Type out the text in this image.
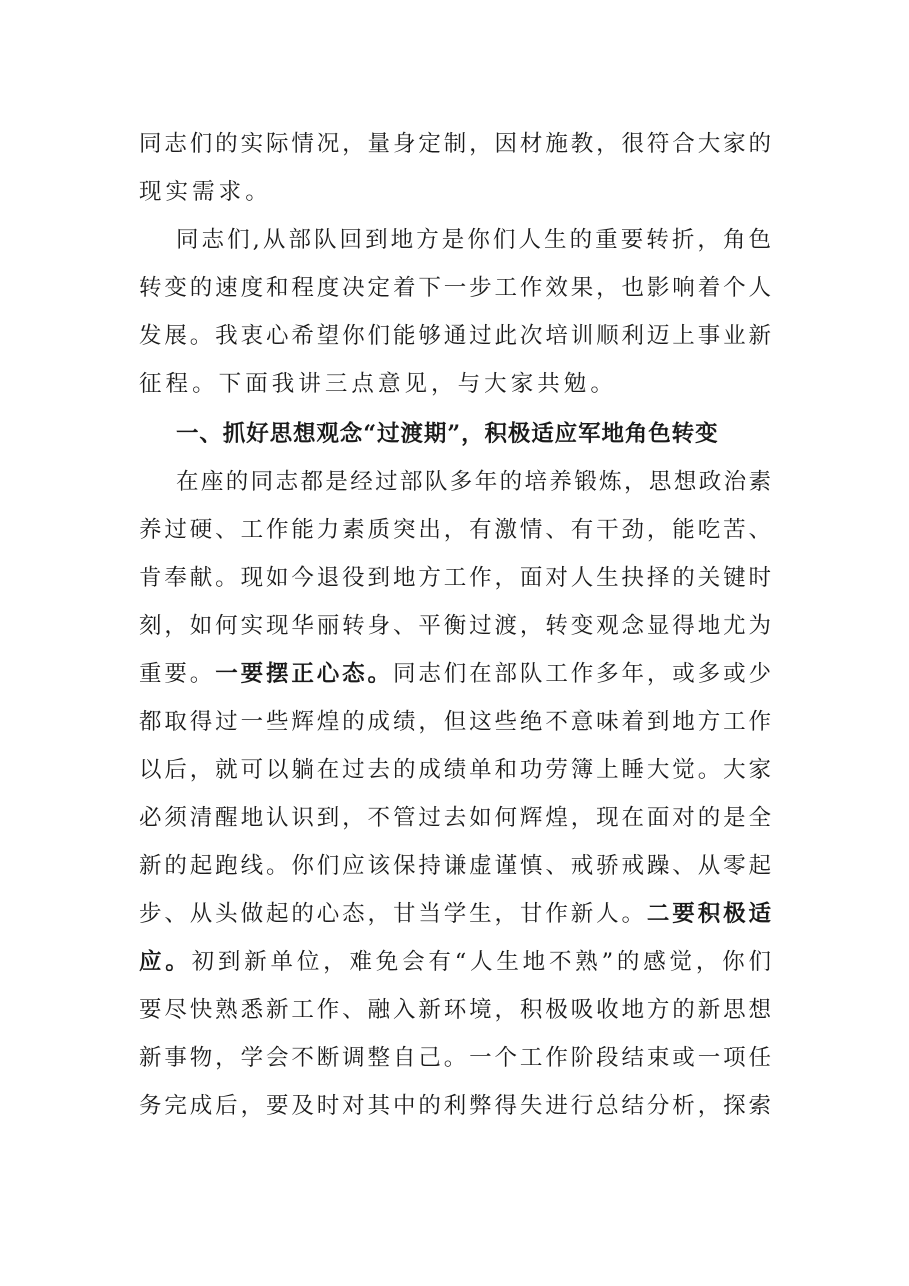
同志们的实际情况，量身定制，因材施教，很符合大家的
现实需求。
同志们,从部队回到地方是你们人生的重要转折，角色
转变的速度和程度决定着下一步工作效果，也影响着个人
发展。我衷心希望你们能够通过此次培训顺利迈上事业新
征程。下面我讲三点意见，与大家共勉。
一、抓好思想观念“过渡期”，积极适应军地角色转变
在座的同志都是经过部队多年的培养锻炼，思想政治素
养过硬、工作能力素质突出，有激情、有干劲，能吃苦、
肯奉献。现如今退役到地方工作，面对人生抉择的关键时
刻，如何实现华丽转身、平衡过渡，转变观念显得地尤为
重要。一要摆正心态。同志们在部队工作多年，或多或少
都取得过一些辉煌的成绩，但这些绝不意味着到地方工作
以后，就可以躺在过去的成绩单和功劳簿上睡大觉。大家
必须清醒地认识到，不管过去如何辉煌，现在面对的是全
新的起跑线。你们应该保持谦虚谨慎、戒骄戒躁、从零起
步、从头做起的心态，甘当学生，甘作新人。二要积极适
应。初到新单位，难免会有“人生地不熟”的感觉，你们
要尽快熟悉新工作、融入新环境，积极吸收地方的新思想
新事物，学会不断调整自己。一个工作阶段结束或一项任
务完成后，要及时对其中的利弊得失进行总结分析，探索
